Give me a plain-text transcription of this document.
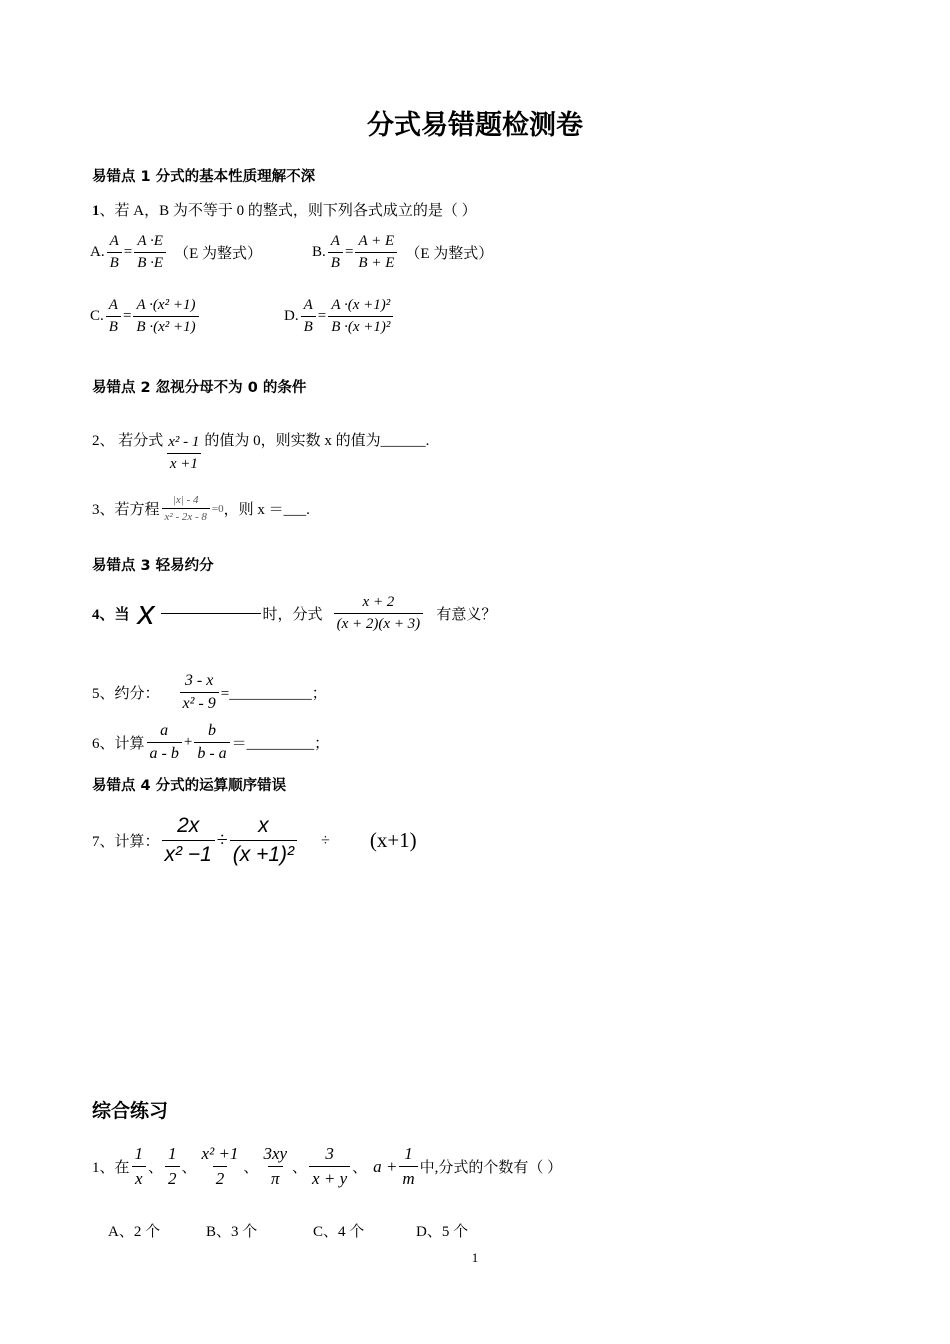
分式易错题检测卷
易错点 1 分式的基本性质理解不深
1、若 A，B 为不等于 0 的整式，则下列各式成立的是（ ）
A. $\frac{A}{B} = \frac{A \cdot E}{B \cdot E} (E$ 为整式）	B. $\frac{A}{B} = \frac{A + E}{B + E} (E$ 为整式）
C. $\frac{A}{B} = \frac{\text{A ·(x² +1)}}{\text{B ·(x² +1)}}$	D. $\frac{A}{B} = \frac{\text{A ·(x +1)²}}{\text{B ·(x +1)²}}$
易错点 2 忽视分母不为 0 的条件
2、 若分式 $\frac{\text{x² - 1}}{x +1}$ 的值为 0，则实数 x 的值为______.
3、若方程 $\frac{|x| - 4}{\text{x² - 2x - 8}} =0$ ，则 x ＝___.
易错点 3 轻易约分
4、当 x	时，分式 $\frac{x + 2}{(x + 2)(x + 3)}$ 有意义？
5、约分： $\frac{3 - x}{\text{x² - 9}}$ =___________；
6、计算 $\frac{a}{a - b} + \frac{b}{b - a}$ ＝_________；
易错点 4 分式的运算顺序错误
7、计算： $\frac{2x}{\text{x² −1}} \div \frac{x}{\text{(x +1)²}} \div (x+1)$
综合练习
1、在 $\frac{1}{x}$ 、 $\frac{1}{2}$ 、 $\frac{\text{x² +1}}{2}$ 、 $\frac{3xy}{\pi}$ 、 $\frac{3}{x + y}$ 、 $a + \frac{1}{m}$ 中,分式的个数有（ ）
A、2 个	B、3 个	C、4 个	D、5 个
1
